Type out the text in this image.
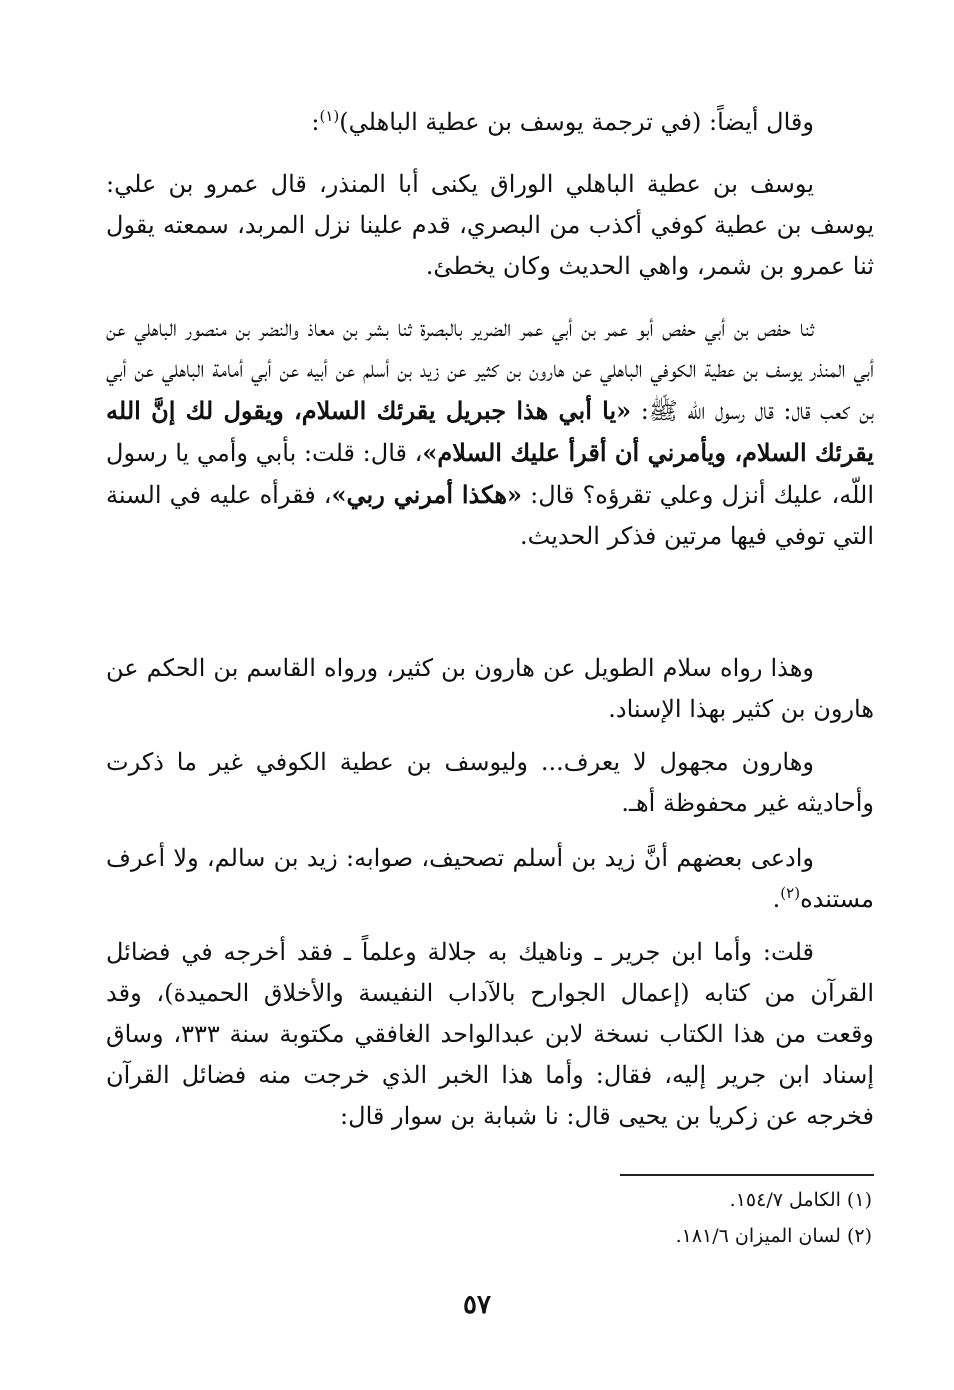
وقال أيضاً: (في ترجمة يوسف بن عطية الباهلي)$^{(١)}$:

يوسف بن عطية الباهلي الوراق يكنى أبا المنذر، قال عمرو بن علي: يوسف بن عطية كوفي أكذب من البصري، قدم علينا نزل المربد، سمعته يقول ثنا عمرو بن شمر، واهي الحديث وكان يخطئ.

ثنا حفص بن أبي حفص أبو عمر بن أبي عمر الضرير بالبصرة ثنا بشر بن معاذ والنضر بن منصور الباهلي عن أبي المنذر يوسف بن عطية الكوفي الباهلي عن هارون بن كثير عن زيد بن أسلم عن أبيه عن أبي أمامة الباهلي عن أبي بن كعب قال: قال رسول اللّه ﷺ: «يا أبي هذا جبريل يقرئك السلام، ويقول لك إنَّ الله يقرئك السلام، ويأمرني أن أقرأ عليك السلام»، قال: قلت: بأبي وأمي يا رسول اللّه، عليك أنزل وعلي تقرؤه؟ قال: «هكذا أمرني ربي»، فقرأه عليه في السنة التي توفي فيها مرتين فذكر الحديث.

وهذا رواه سلام الطويل عن هارون بن كثير، ورواه القاسم بن الحكم عن هارون بن كثير بهذا الإسناد.

وهارون مجهول لا يعرف... وليوسف بن عطية الكوفي غير ما ذكرت وأحاديثه غير محفوظة أهـ.

وادعى بعضهم أنَّ زيد بن أسلم تصحيف، صوابه: زيد بن سالم، ولا أعرف مستنده$^{(٢)}$.

قلت: وأما ابن جرير ـ وناهيك به جلالة وعلماً ـ فقد أخرجه في فضائل القرآن من كتابه (إعمال الجوارح بالآداب النفيسة والأخلاق الحميدة)، وقد وقعت من هذا الكتاب نسخة لابن عبدالواحد الغافقي مكتوبة سنة ٣٣٣، وساق إسناد ابن جرير إليه، فقال: وأما هذا الخبر الذي خرجت منه فضائل القرآن فخرجه عن زكريا بن يحيى قال: نا شبابة بن سوار قال:

(١) الكامل ١٥٤/٧.
(٢) لسان الميزان ١٨١/٦.
٥٧
